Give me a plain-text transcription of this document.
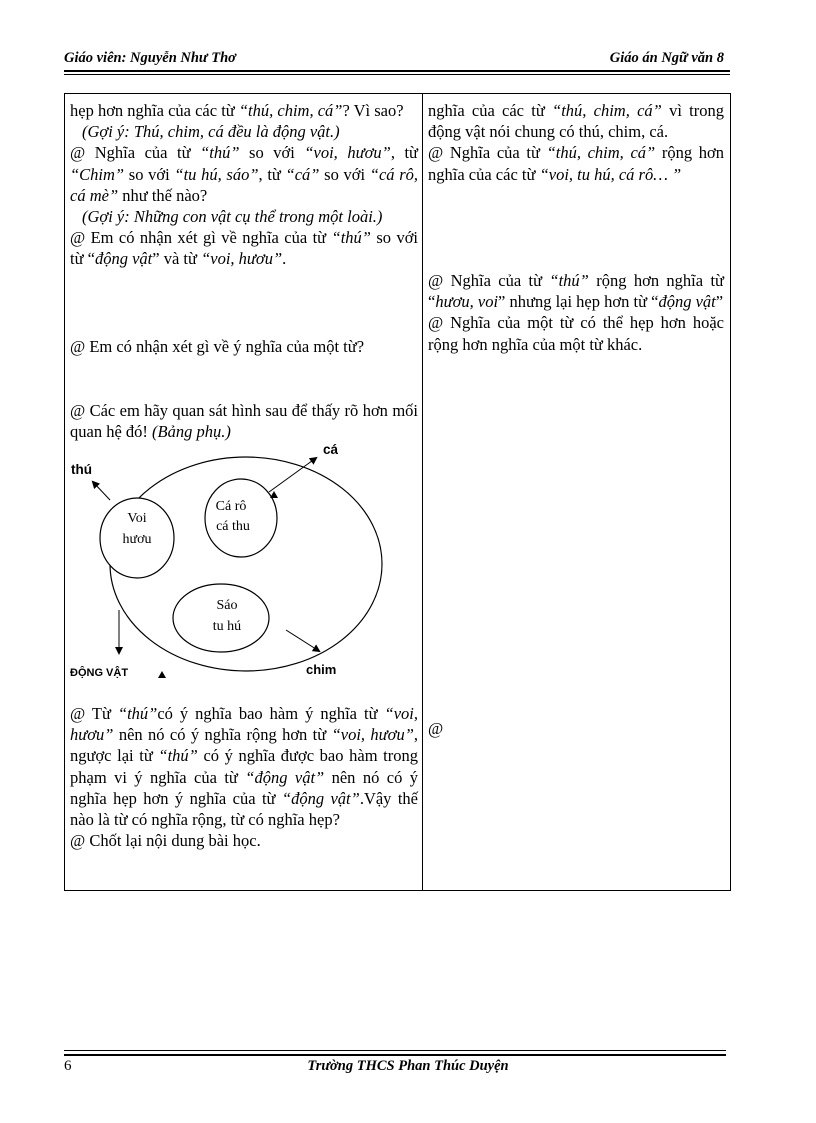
Giáo viên: Nguyễn Như Thơ	Giáo án Ngữ văn 8

hẹp hơn nghĩa của các từ “thú, chim, cá”? Vì sao?

(Gợi ý: Thú, chim, cá đều là động vật.)

@ Nghĩa của từ “thú” so với “voi, hươu”, từ “Chim” so với “tu hú, sáo”, từ “cá” so với “cá rô, cá mè” như thế nào?

(Gợi ý: Những con vật cụ thể trong một loài.)

@ Em có nhận xét gì về nghĩa của từ “thú” so với từ “động vật” và từ “voi, hươu”.

@ Em có nhận xét gì về ý nghĩa của một từ?

@ Các em hãy quan sát hình sau để thấy rõ hơn mối quan hệ đó! (Bảng phụ.)

thú
cá
Voi
hươu
Cá rô
cá thu
Sáo
tu hú
ĐỘNG VẬT	chim

@ Từ “thú”có ý nghĩa bao hàm ý nghĩa từ “voi, hươu” nên nó có ý nghĩa rộng hơn từ “voi, hươu”, ngược lại từ “thú” có ý nghĩa được bao hàm trong phạm vi ý nghĩa của từ “động vật” nên nó có ý nghĩa hẹp hơn ý nghĩa của từ “động vật”.Vậy thế nào là từ có nghĩa rộng, từ có nghĩa hẹp?

@ Chốt lại nội dung bài học.

nghĩa của các từ “thú, chim, cá” vì trong động vật nói chung có thú, chim, cá.

@ Nghĩa của từ “thú, chim, cá” rộng hơn nghĩa của các từ “voi, tu hú, cá rô… ”

@ Nghĩa của từ “thú” rộng hơn nghĩa từ “hươu, voi” nhưng lại hẹp hơn từ “động vật”

@ Nghĩa của một từ có thể hẹp hơn hoặc rộng hơn nghĩa của một từ khác.

@

6	Trường THCS Phan Thúc Duyện
